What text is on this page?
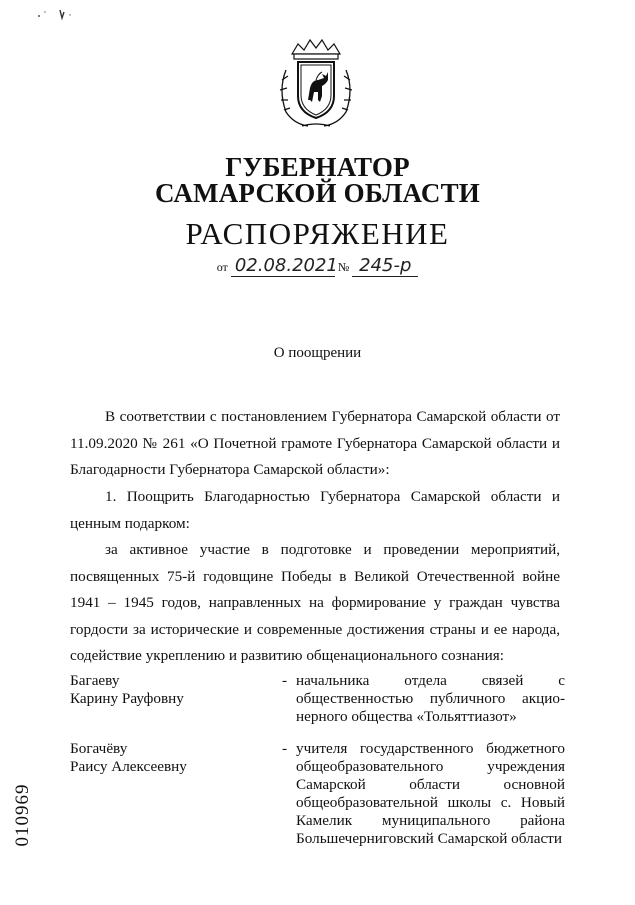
ГУБЕРНАТОР
САМАРСКОЙ ОБЛАСТИ
РАСПОРЯЖЕНИЕ
от 02.08.2021 № 245-р
О поощрении

В соответствии с постановлением Губернатора Самарской области от 11.09.2020 № 261 «О Почетной грамоте Губернатора Самарской области и Благодарности Губернатора Самарской области»:

1. Поощрить Благодарностью Губернатора Самарской области и ценным подарком:

за активное участие в подготовке и проведении мероприятий, посвященных 75-й годовщине Победы в Великой Отечественной войне 1941 – 1945 годов, направленных на формирование у граждан чувства гордости за исторические и современные достижения страны и ее народа, содействие укреплению и развитию общенационального сознания:

Багаеву
Карину Рауфовну
- начальника отдела связей с общественностью публичного акцио-нерного общества «Тольяттиазот»
Богачёву
Раису Алексеевну
- учителя государственного бюджетного общеобразовательного учреждения Самарской области основной общеобразовательной школы с. Новый Камелик муниципального района Большечерниговский Самарской области
010969
